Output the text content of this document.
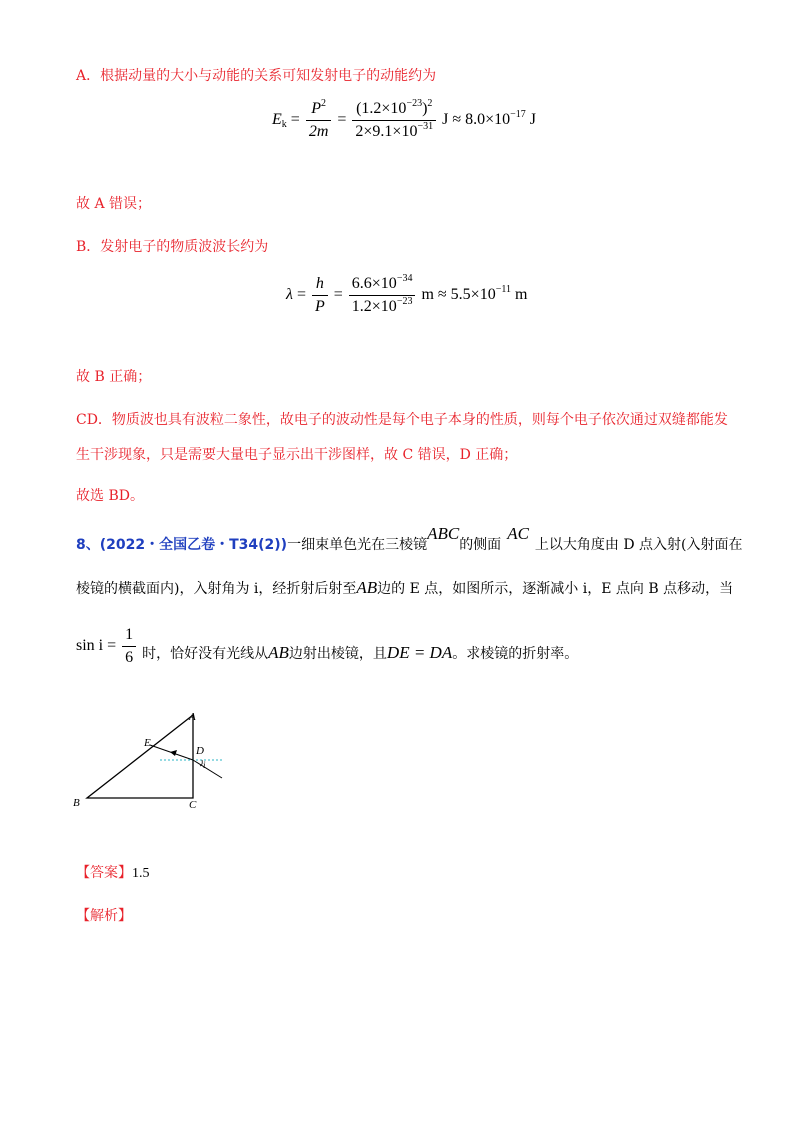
A．根据动量的大小与动能的关系可知发射电子的动能约为
$E_k = \frac{P^2}{2m} = \frac{(1.2\times 10^{-23})^2}{2\times 9.1\times 10^{-31}}$ $J \approx 8.0\times 10^{-17}$ J
故 A 错误；
B．发射电子的物质波波长约为
$\lambda = \frac{h}{P} = \frac{6.6\times 10^{-34}}{1.2\times 10^{-23}}$ $m \approx 5.5\times 10^{-11}$ m
故 B 正确；
CD．物质波也具有波粒二象性，故电子的波动性是每个电子本身的性质，则每个电子依次通过双缝都能发
生干涉现象，只是需要大量电子显示出干涉图样，故 C 错误，D 正确；
故选 BD。
8、(2022・全国乙卷・T34(2))一细束单色光在三棱镜ABC的侧面AC上以大角度由 D 点入射(入射面在
棱镜的横截面内)，入射角为 i，经折射后射至AB边的 E 点，如图所示，逐渐减小 i，E 点向 B 点移动，当
$\sin i = \frac{1}{6}$ 时，恰好没有光线从AB边射出棱镜，且DE = DA。求棱镜的折射率。
A
B	C
D
E
i
【答案】1.5
【解析】
